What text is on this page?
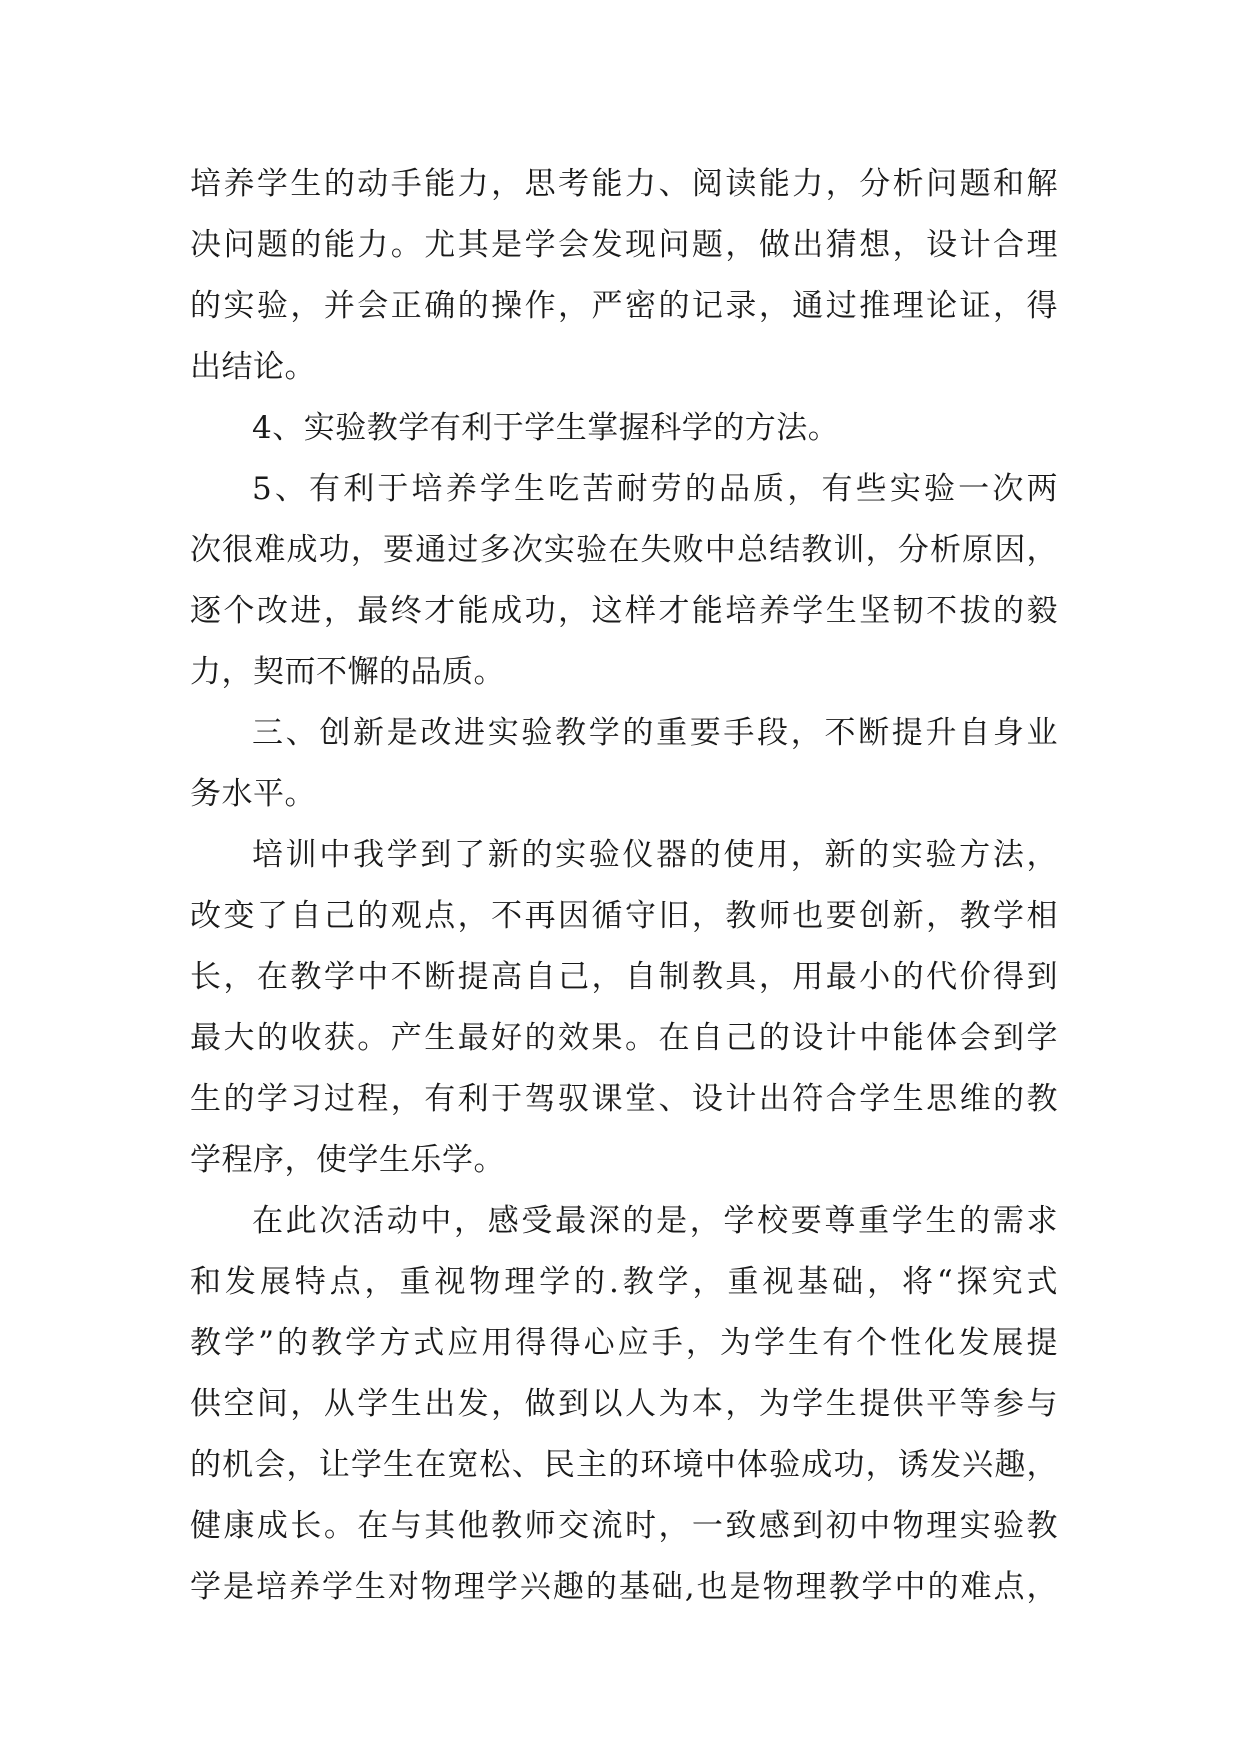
培养学生的动手能力，思考能力、阅读能力，分析问题和解
决问题的能力。尤其是学会发现问题，做出猜想，设计合理
的实验，并会正确的操作，严密的记录，通过推理论证，得
出结论。
4、实验教学有利于学生掌握科学的方法。
5、有利于培养学生吃苦耐劳的品质，有些实验一次两
次很难成功，要通过多次实验在失败中总结教训，分析原因，
逐个改进，最终才能成功，这样才能培养学生坚韧不拔的毅
力，契而不懈的品质。
三、创新是改进实验教学的重要手段，不断提升自身业
务水平。
培训中我学到了新的实验仪器的使用，新的实验方法，
改变了自己的观点，不再因循守旧，教师也要创新，教学相
长，在教学中不断提高自己，自制教具，用最小的代价得到
最大的收获。产生最好的效果。在自己的设计中能体会到学
生的学习过程，有利于驾驭课堂、设计出符合学生思维的教
学程序，使学生乐学。
在此次活动中，感受最深的是，学校要尊重学生的需求
和发展特点，重视物理学的.教学，重视基础，将“探究式
教学”的教学方式应用得得心应手，为学生有个性化发展提
供空间，从学生出发，做到以人为本，为学生提供平等参与
的机会，让学生在宽松、民主的环境中体验成功，诱发兴趣，
健康成长。在与其他教师交流时，一致感到初中物理实验教
学是培养学生对物理学兴趣的基础,也是物理教学中的难点，
